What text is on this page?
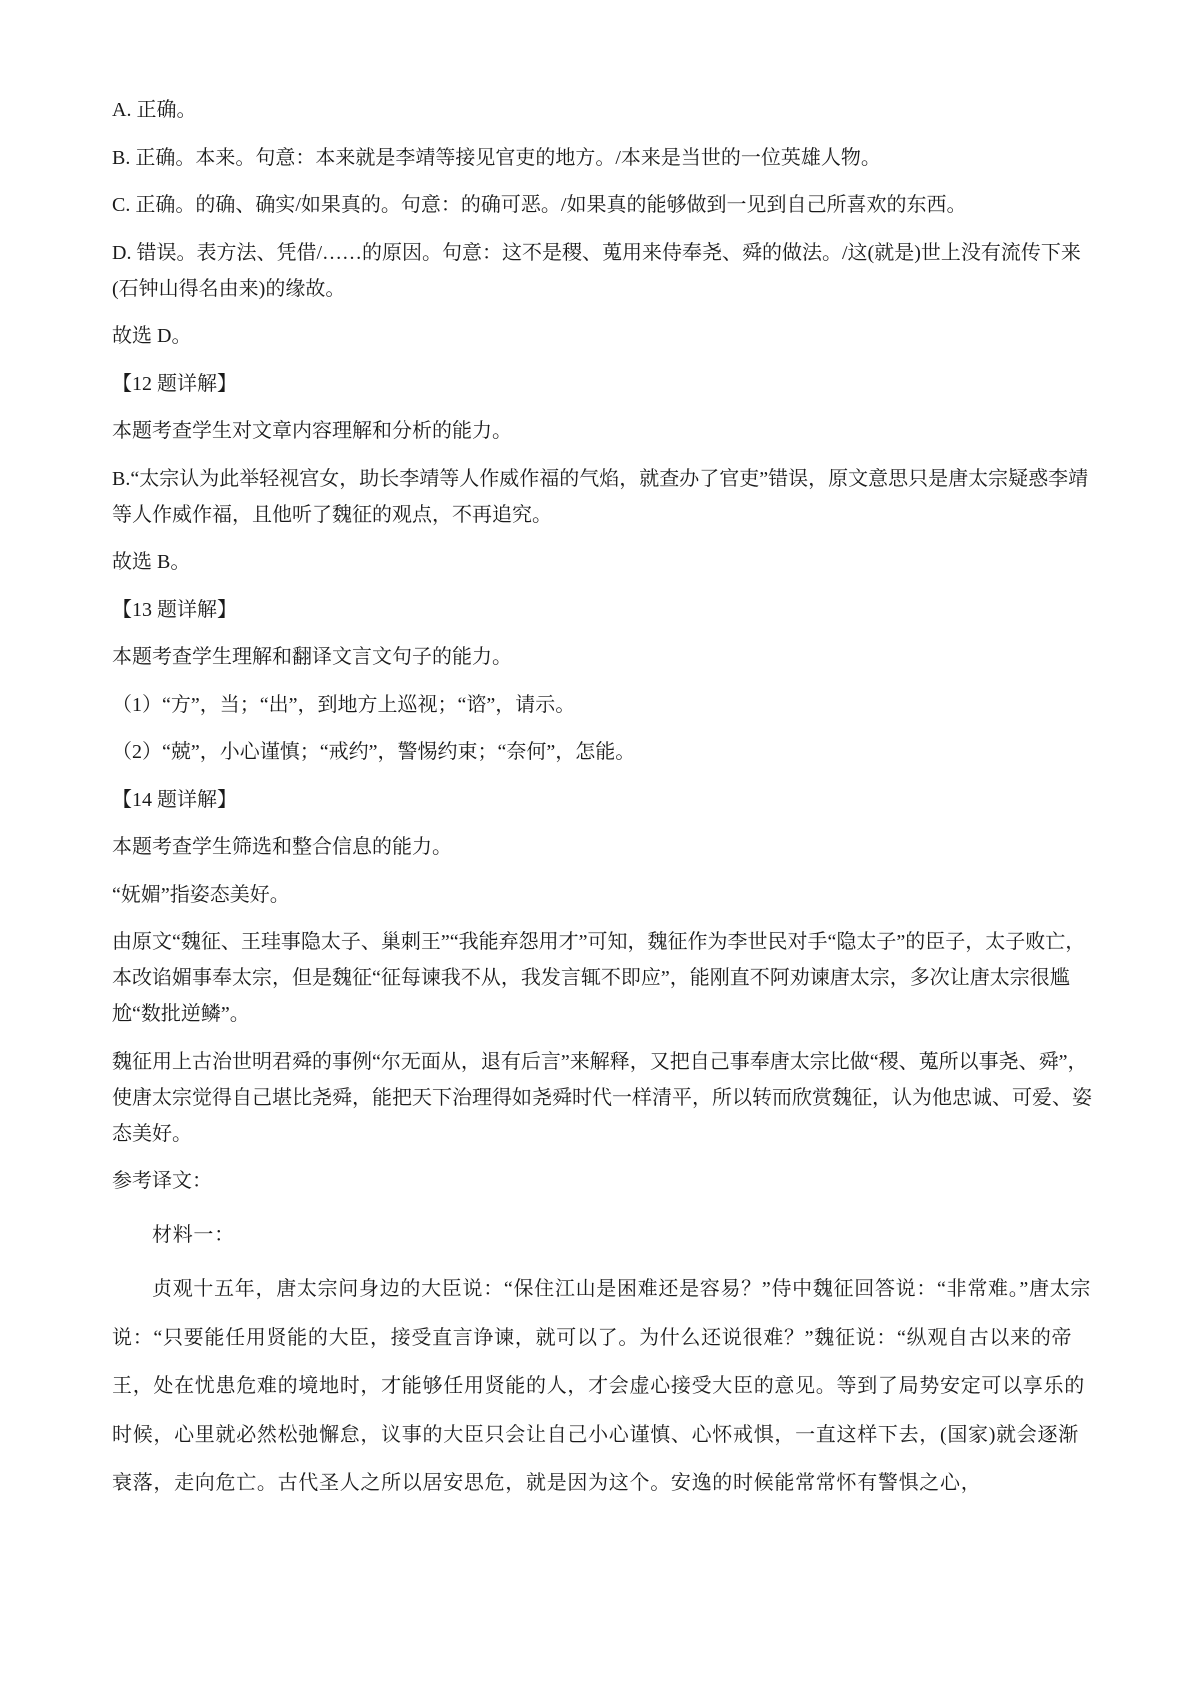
A. 正确。

B. 正确。本来。句意：本来就是李靖等接见官吏的地方。/本来是当世的一位英雄人物。

C. 正确。的确、确实/如果真的。句意：的确可恶。/如果真的能够做到一见到自己所喜欢的东西。

D. 错误。表方法、凭借/……的原因。句意：这不是稷、蒐用来侍奉尧、舜的做法。/这(就是)世上没有流传下来(石钟山得名由来)的缘故。

故选 D。

【12 题详解】

本题考查学生对文章内容理解和分析的能力。

B.“太宗认为此举轻视宫女，助长李靖等人作威作福的气焰，就查办了官吏”错误，原文意思只是唐太宗疑惑李靖等人作威作福，且他听了魏征的观点，不再追究。

故选 B。

【13 题详解】

本题考查学生理解和翻译文言文句子的能力。

（1）“方”，当；“出”，到地方上巡视；“谘”，请示。

（2）“兢”，小心谨慎；“戒约”，警惕约束；“奈何”，怎能。

【14 题详解】

本题考查学生筛选和整合信息的能力。

“妩媚”指姿态美好。

由原文“魏征、王珪事隐太子、巢刺王”“我能弃怨用才”可知，魏征作为李世民对手“隐太子”的臣子，太子败亡，本改谄媚事奉太宗，但是魏征“征每谏我不从，我发言辄不即应”，能刚直不阿劝谏唐太宗，多次让唐太宗很尴尬“数批逆鳞”。

魏征用上古治世明君舜的事例“尔无面从，退有后言”来解释，又把自己事奉唐太宗比做“稷、蒐所以事尧、舜”，使唐太宗觉得自己堪比尧舜，能把天下治理得如尧舜时代一样清平，所以转而欣赏魏征，认为他忠诚、可爱、姿态美好。

参考译文：

材料一：

贞观十五年，唐太宗问身边的大臣说：“保住江山是困难还是容易？”侍中魏征回答说：“非常难。”唐太宗说：“只要能任用贤能的大臣，接受直言诤谏，就可以了。为什么还说很难？”魏征说：“纵观自古以来的帝王，处在忧患危难的境地时，才能够任用贤能的人，才会虚心接受大臣的意见。等到了局势安定可以享乐的时候，心里就必然松弛懈怠，议事的大臣只会让自己小心谨慎、心怀戒惧，一直这样下去，(国家)就会逐渐衰落，走向危亡。古代圣人之所以居安思危，就是因为这个。安逸的时候能常常怀有警惧之心，
